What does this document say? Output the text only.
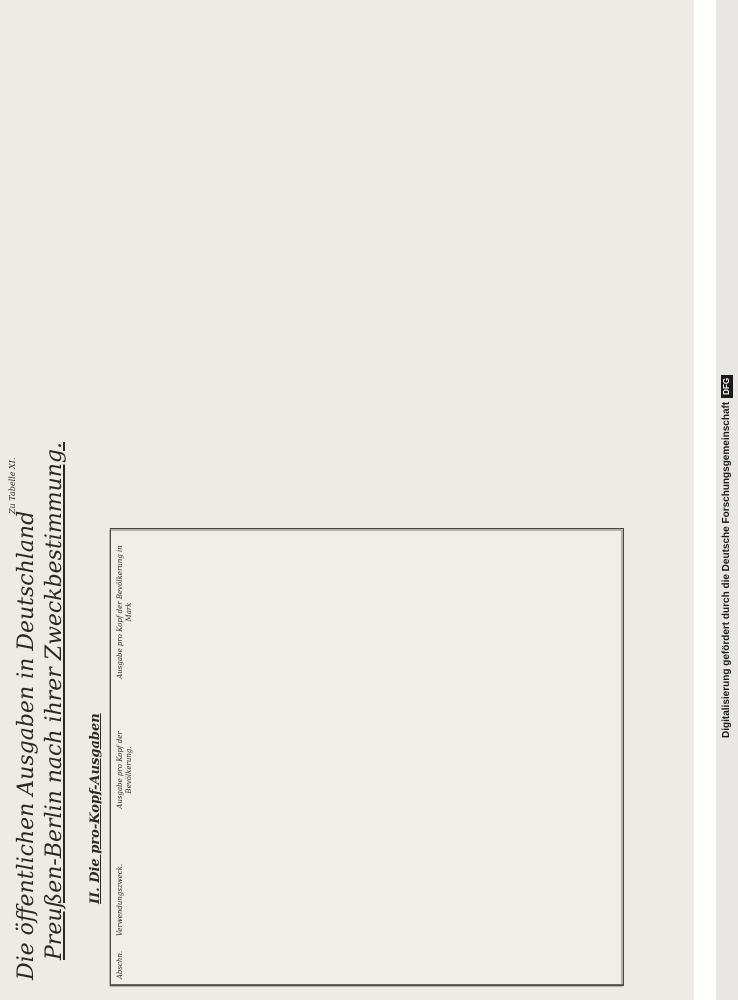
Zu Tabelle XI.
Die öffentlichen Ausgaben in Deutschland Preußen-Berlin nach ihrer Zweckbestimmung. II. Die pro-Kopf-Ausgaben
Abschn.
Verwendungszweck.
Ausgabe pro Kopf der Bevölkerung.
Ausgabe pro Kopf der Bevölkerung in Mark	Digitalisierung gefördert durch die Deutsche ForschungsgemeinschaftDFG
